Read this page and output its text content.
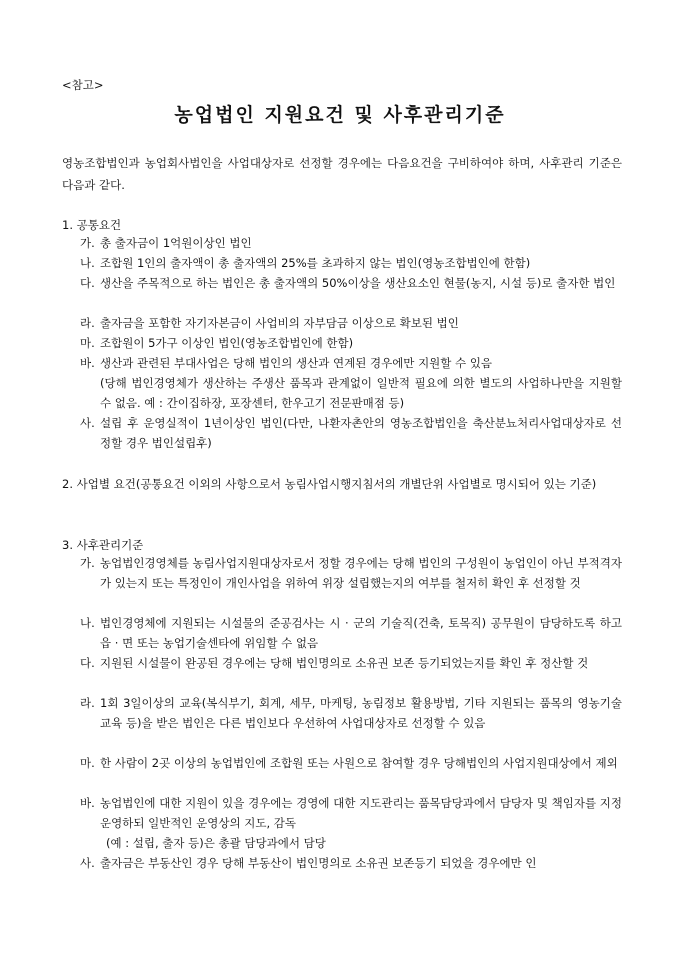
<참고>
농업법인 지원요건 및 사후관리기준
영농조합법인과 농업회사법인을 사업대상자로 선정할 경우에는 다음요건을 구비하여야 하며, 사후관리 기준은 다음과 같다.
1. 공통요건
가. 총 출자금이 1억원이상인 법인
나. 조합원 1인의 출자액이 총 출자액의 25%를 초과하지 않는 법인(영농조합법인에 한함)
다. 생산을 주목적으로 하는 법인은 총 출자액의 50%이상을 생산요소인 현물(농지, 시설 등)로 출자한 법인
라. 출자금을 포함한 자기자본금이 사업비의 자부담금 이상으로 확보된 법인
마. 조합원이 5가구 이상인 법인(영농조합법인에 한함)
바. 생산과 관련된 부대사업은 당해 법인의 생산과 연계된 경우에만 지원할 수 있음
(당해 법인경영체가 생산하는 주생산 품목과 관계없이 일반적 필요에 의한 별도의 사업하나만을 지원할 수 없음. 예 : 간이집하장, 포장센터, 한우고기 전문판매점 등)
사. 설립 후 운영실적이 1년이상인 법인(다만, 나환자촌안의 영농조합법인을 축산분뇨처리사업대상자로 선정할 경우 법인설립후)
2. 사업별 요건(공통요건 이외의 사항으로서 농림사업시행지침서의 개별단위 사업별로 명시되어 있는 기준)
3. 사후관리기준
가. 농업법인경영체를 농림사업지원대상자로서 정할 경우에는 당해 법인의 구성원이 농업인이 아닌 부적격자가 있는지 또는 특정인이 개인사업을 위하여 위장 설립했는지의 여부를 철저히 확인 후 선정할 것
나. 법인경영체에 지원되는 시설물의 준공검사는 시 · 군의 기술직(건축, 토목직) 공무원이 담당하도록 하고 읍 · 면 또는 농업기술센타에 위임할 수 없음
다. 지원된 시설물이 완공된 경우에는 당해 법인명의로 소유권 보존 등기되었는지를 확인 후 정산할 것
라. 1회 3일이상의 교육(복식부기, 회계, 세무, 마케팅, 농림정보 활용방법, 기타 지원되는 품목의 영농기술 교육 등)을 받은 법인은 다른 법인보다 우선하여 사업대상자로 선정할 수 있음
마. 한 사람이 2곳 이상의 농업법인에 조합원 또는 사원으로 참여할 경우 당해법인의 사업지원대상에서 제외
바. 농업법인에 대한 지원이 있을 경우에는 경영에 대한 지도관리는 품목담당과에서 담당자 및 책임자를 지정 운영하되 일반적인 운영상의 지도, 감독
(예 : 설립, 출자 등)은 총괄 담당과에서 담당
사. 출자금은 부동산인 경우 당해 부동산이 법인명의로 소유권 보존등기 되었을 경우에만 인
